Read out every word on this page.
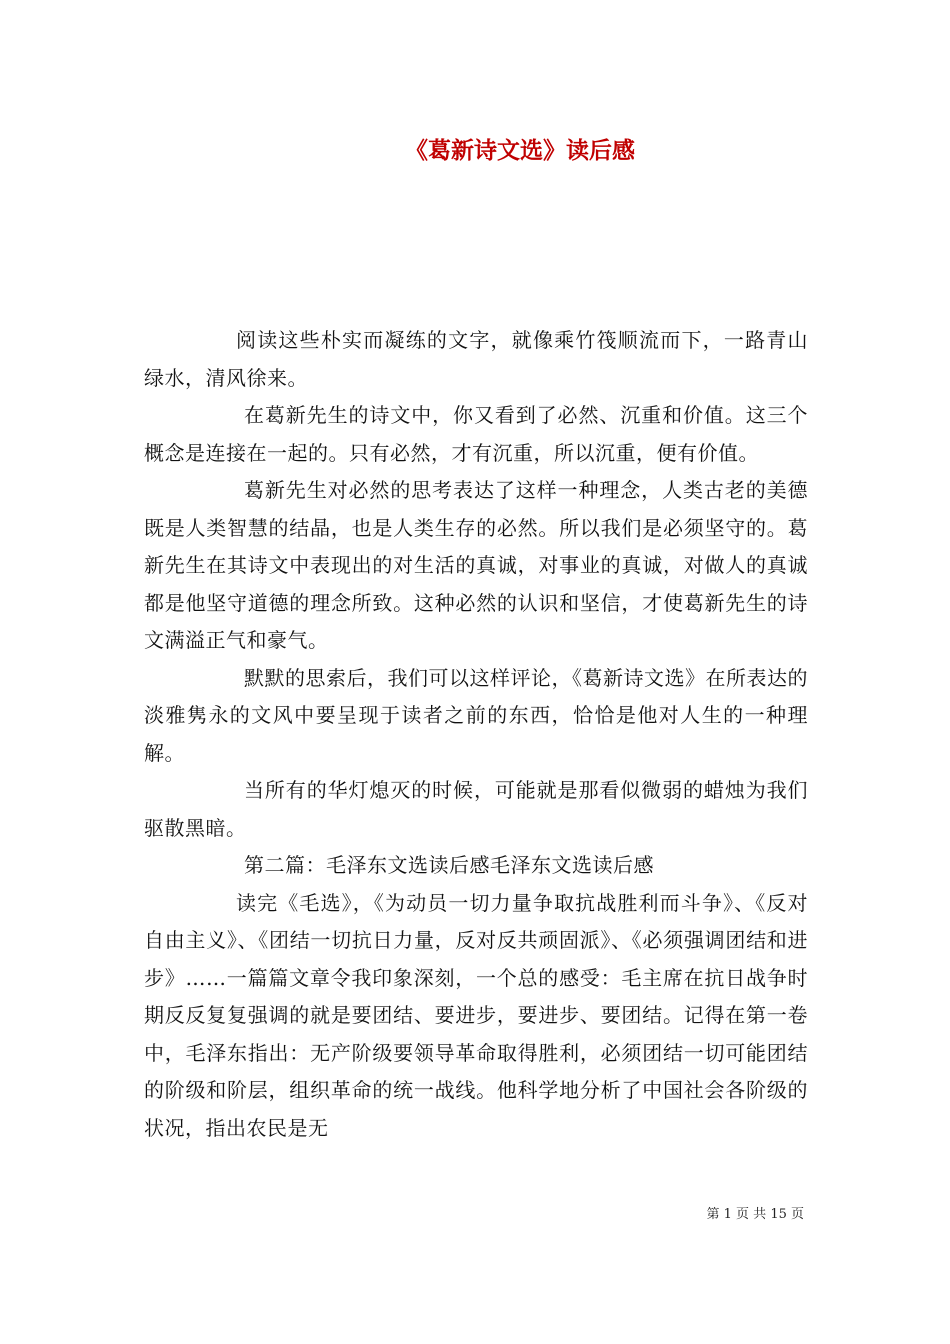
《葛新诗文选》读后感

阅读这些朴实而凝练的文字，就像乘竹筏顺流而下，一路青山绿水，清风徐来。

在葛新先生的诗文中，你又看到了必然、沉重和价值。这三个概念是连接在一起的。只有必然，才有沉重，所以沉重，便有价值。

葛新先生对必然的思考表达了这样一种理念，人类古老的美德既是人类智慧的结晶，也是人类生存的必然。所以我们是必须坚守的。葛新先生在其诗文中表现出的对生活的真诚，对事业的真诚，对做人的真诚都是他坚守道德的理念所致。这种必然的认识和坚信，才使葛新先生的诗文满溢正气和豪气。

默默的思索后，我们可以这样评论，《葛新诗文选》在所表达的淡雅隽永的文风中要呈现于读者之前的东西，恰恰是他对人生的一种理解。

当所有的华灯熄灭的时候，可能就是那看似微弱的蜡烛为我们驱散黑暗。

第二篇：毛泽东文选读后感毛泽东文选读后感

读完《毛选》，《为动员一切力量争取抗战胜利而斗争》、《反对自由主义》、《团结一切抗日力量，反对反共顽固派》、《必须强调团结和进步》……一篇篇文章令我印象深刻，一个总的感受：毛主席在抗日战争时期反反复复强调的就是要团结、要进步，要进步、要团结。记得在第一卷中，毛泽东指出：无产阶级要领导革命取得胜利，必须团结一切可能团结的阶级和阶层，组织革命的统一战线。他科学地分析了中国社会各阶级的状况，指出农民是无

第 1 页 共 15 页
